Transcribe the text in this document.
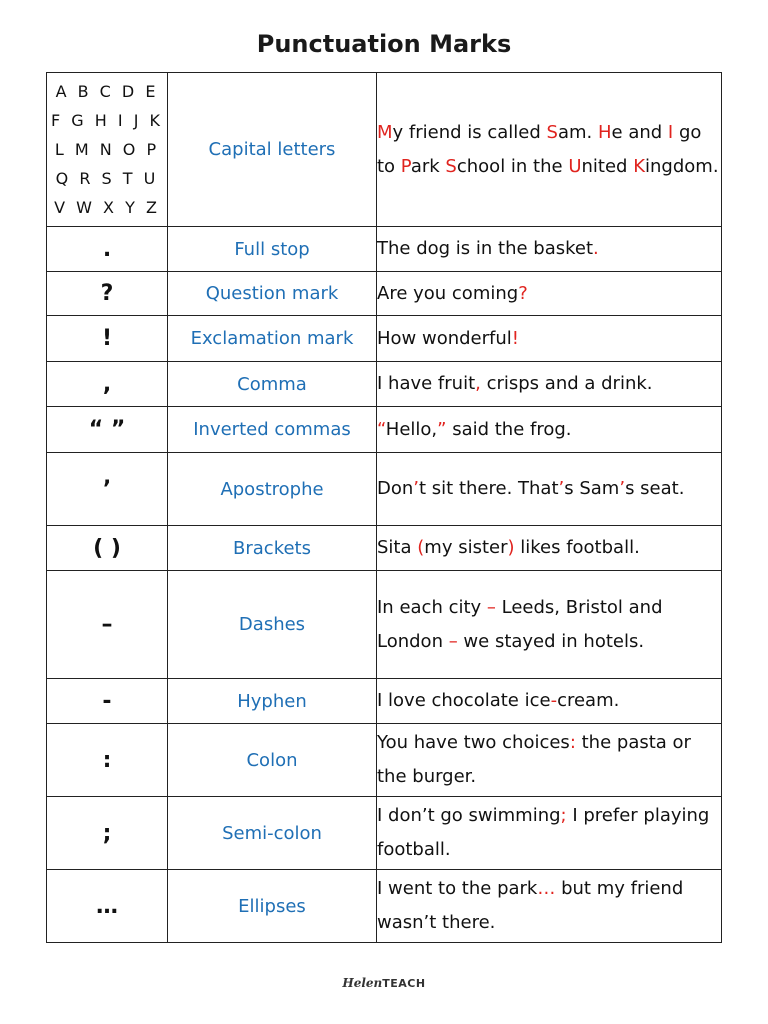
Punctuation Marks
A B C D E
F G H I J K
L M N O P
Q R S T U
V W X Y Z	Capital letters	My friend is called Sam. He and I go to Park School in the United Kingdom.
.	Full stop	The dog is in the basket.
?	Question mark	Are you coming?
!	Exclamation mark	How wonderful!
,	Comma	I have fruit, crisps and a drink.
“ ”	Inverted commas	“Hello,” said the frog.
’	Apostrophe	Don’t sit there. That’s Sam’s seat.
( )	Brackets	Sita (my sister) likes football.
–	Dashes	In each city – Leeds, Bristol and London – we stayed in hotels.
-	Hyphen	I love chocolate ice-cream.
:	Colon	You have two choices: the pasta or the burger.
;	Semi-colon	I don’t go swimming; I prefer playing football.
…	Ellipses	I went to the park… but my friend wasn’t there.
HelenTEACH
